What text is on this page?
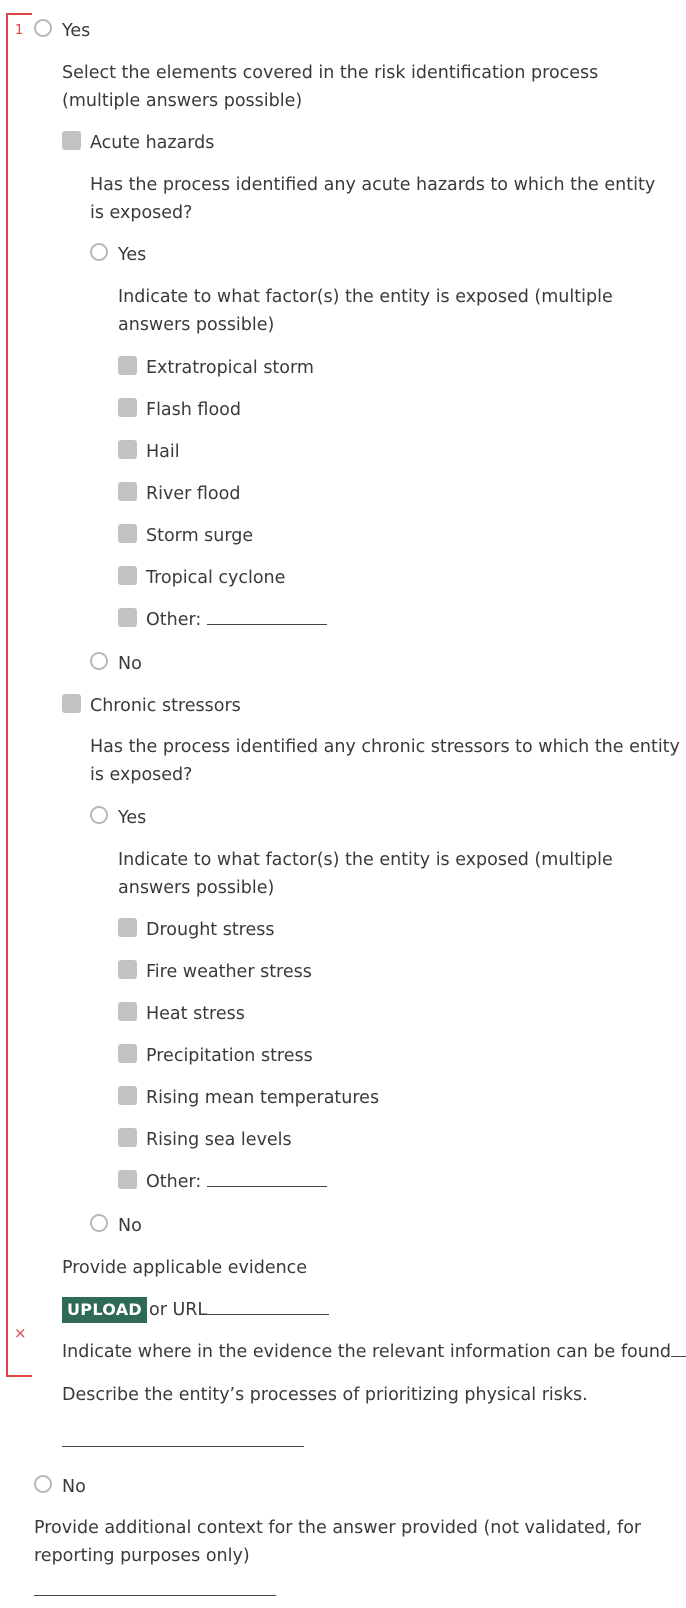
1
×
Yes
Select the elements covered in the risk identification process (multiple answers possible)
Acute hazards
Has the process identified any acute hazards to which the entity is exposed?
Yes
Indicate to what factor(s) the entity is exposed (multiple answers possible)
Extratropical storm
Flash flood
Hail
River flood
Storm surge
Tropical cyclone
Other:
No
Chronic stressors
Has the process identified any chronic stressors to which the entity is exposed?
Yes
Indicate to what factor(s) the entity is exposed (multiple answers possible)
Drought stress
Fire weather stress
Heat stress
Precipitation stress
Rising mean temperatures
Rising sea levels
Other:
No
Provide applicable evidence
UPLOAD or URL
Indicate where in the evidence the relevant information can be found
Describe the entity’s processes of prioritizing physical risks.
No
Provide additional context for the answer provided (not validated, for reporting purposes only)
